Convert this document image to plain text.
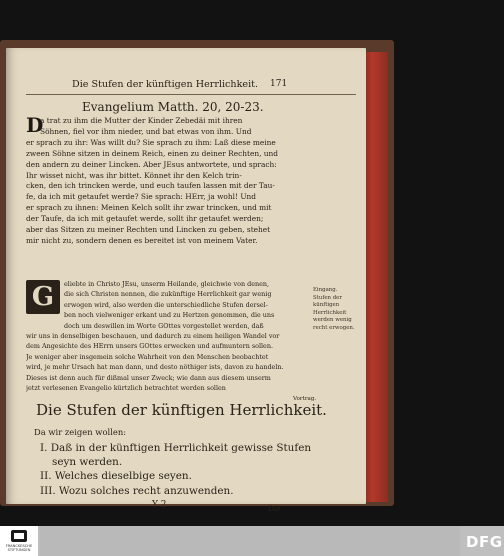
Die Stufen der künftigen Herrlichkeit. 171
Evangelium Matth. 20, 20-23.
D
a trat zu ihm die Mutter der Kinder Zebedäi mit ihren
Söhnen, fiel vor ihm nieder, und bat etwas von ihm. Und
er sprach zu ihr: Was willt du? Sie sprach zu ihm: Laß diese meine
zween Söhne sitzen in deinem Reich, einen zu deiner Rechten, und
den andern zu deiner Lincken. Aber JEsus antwortete, und sprach:
Ihr wisset nicht, was ihr bittet. Könnet ihr den Kelch trin-
cken, den ich trincken werde, und euch taufen lassen mit der Tau-
fe, da ich mit getaufet werde? Sie sprach: HErr, ja wohl! Und
er sprach zu ihnen: Meinen Kelch sollt ihr zwar trincken, und mit
der Taufe, da ich mit getaufet werde, sollt ihr getaufet werden;
aber das Sitzen zu meiner Rechten und Lincken zu geben, stehet
mir nicht zu, sondern denen es bereitet ist von meinem Vater.
G	eliebte in Christo JEsu, unserm Heilande, gleichwie von denen,
die sich Christen nennen, die zukünftige Herrlichkeit gar wenig
erwogen wird, also werden die unterschiedliche Stufen dersel-
ben noch vielweniger erkant und zu Hertzen genommen, die uns
doch um deswillen im Worte GOttes vorgestellet werden, daß
wir uns in denselbigen beschauen, und dadurch zu einem heiligen Wandel vor
dem Angesichte des HErrn unsers GOttes erwecken und aufmuntern sollen.
Je weniger aber insgemein solche Wahrheit von den Menschen beobachtet
wird, je mehr Ursach hat man dann, und desto nöthiger ists, davon zu handeln.
Dieses ist denn auch für dißmal unser Zweck; wie dann aus diesem unserm
jetzt verlesenen Evangelio kürtzlich betrachtet werden sollen
Eingang.
Stufen der
künftigen
Herrlichkeit
werden wenig
recht erwogen.
Vortrag.
Die Stufen der künftigen Herrlichkeit.
Da wir zeigen wollen:
I. Daß in der künftigen Herrlichkeit gewisse Stufen
seyn werden.
II. Welches dieselbige seyen.
III. Wozu solches recht anzuwenden.
Y 2	Die
FRANCKESCHE STIFTUNGEN	DFG
